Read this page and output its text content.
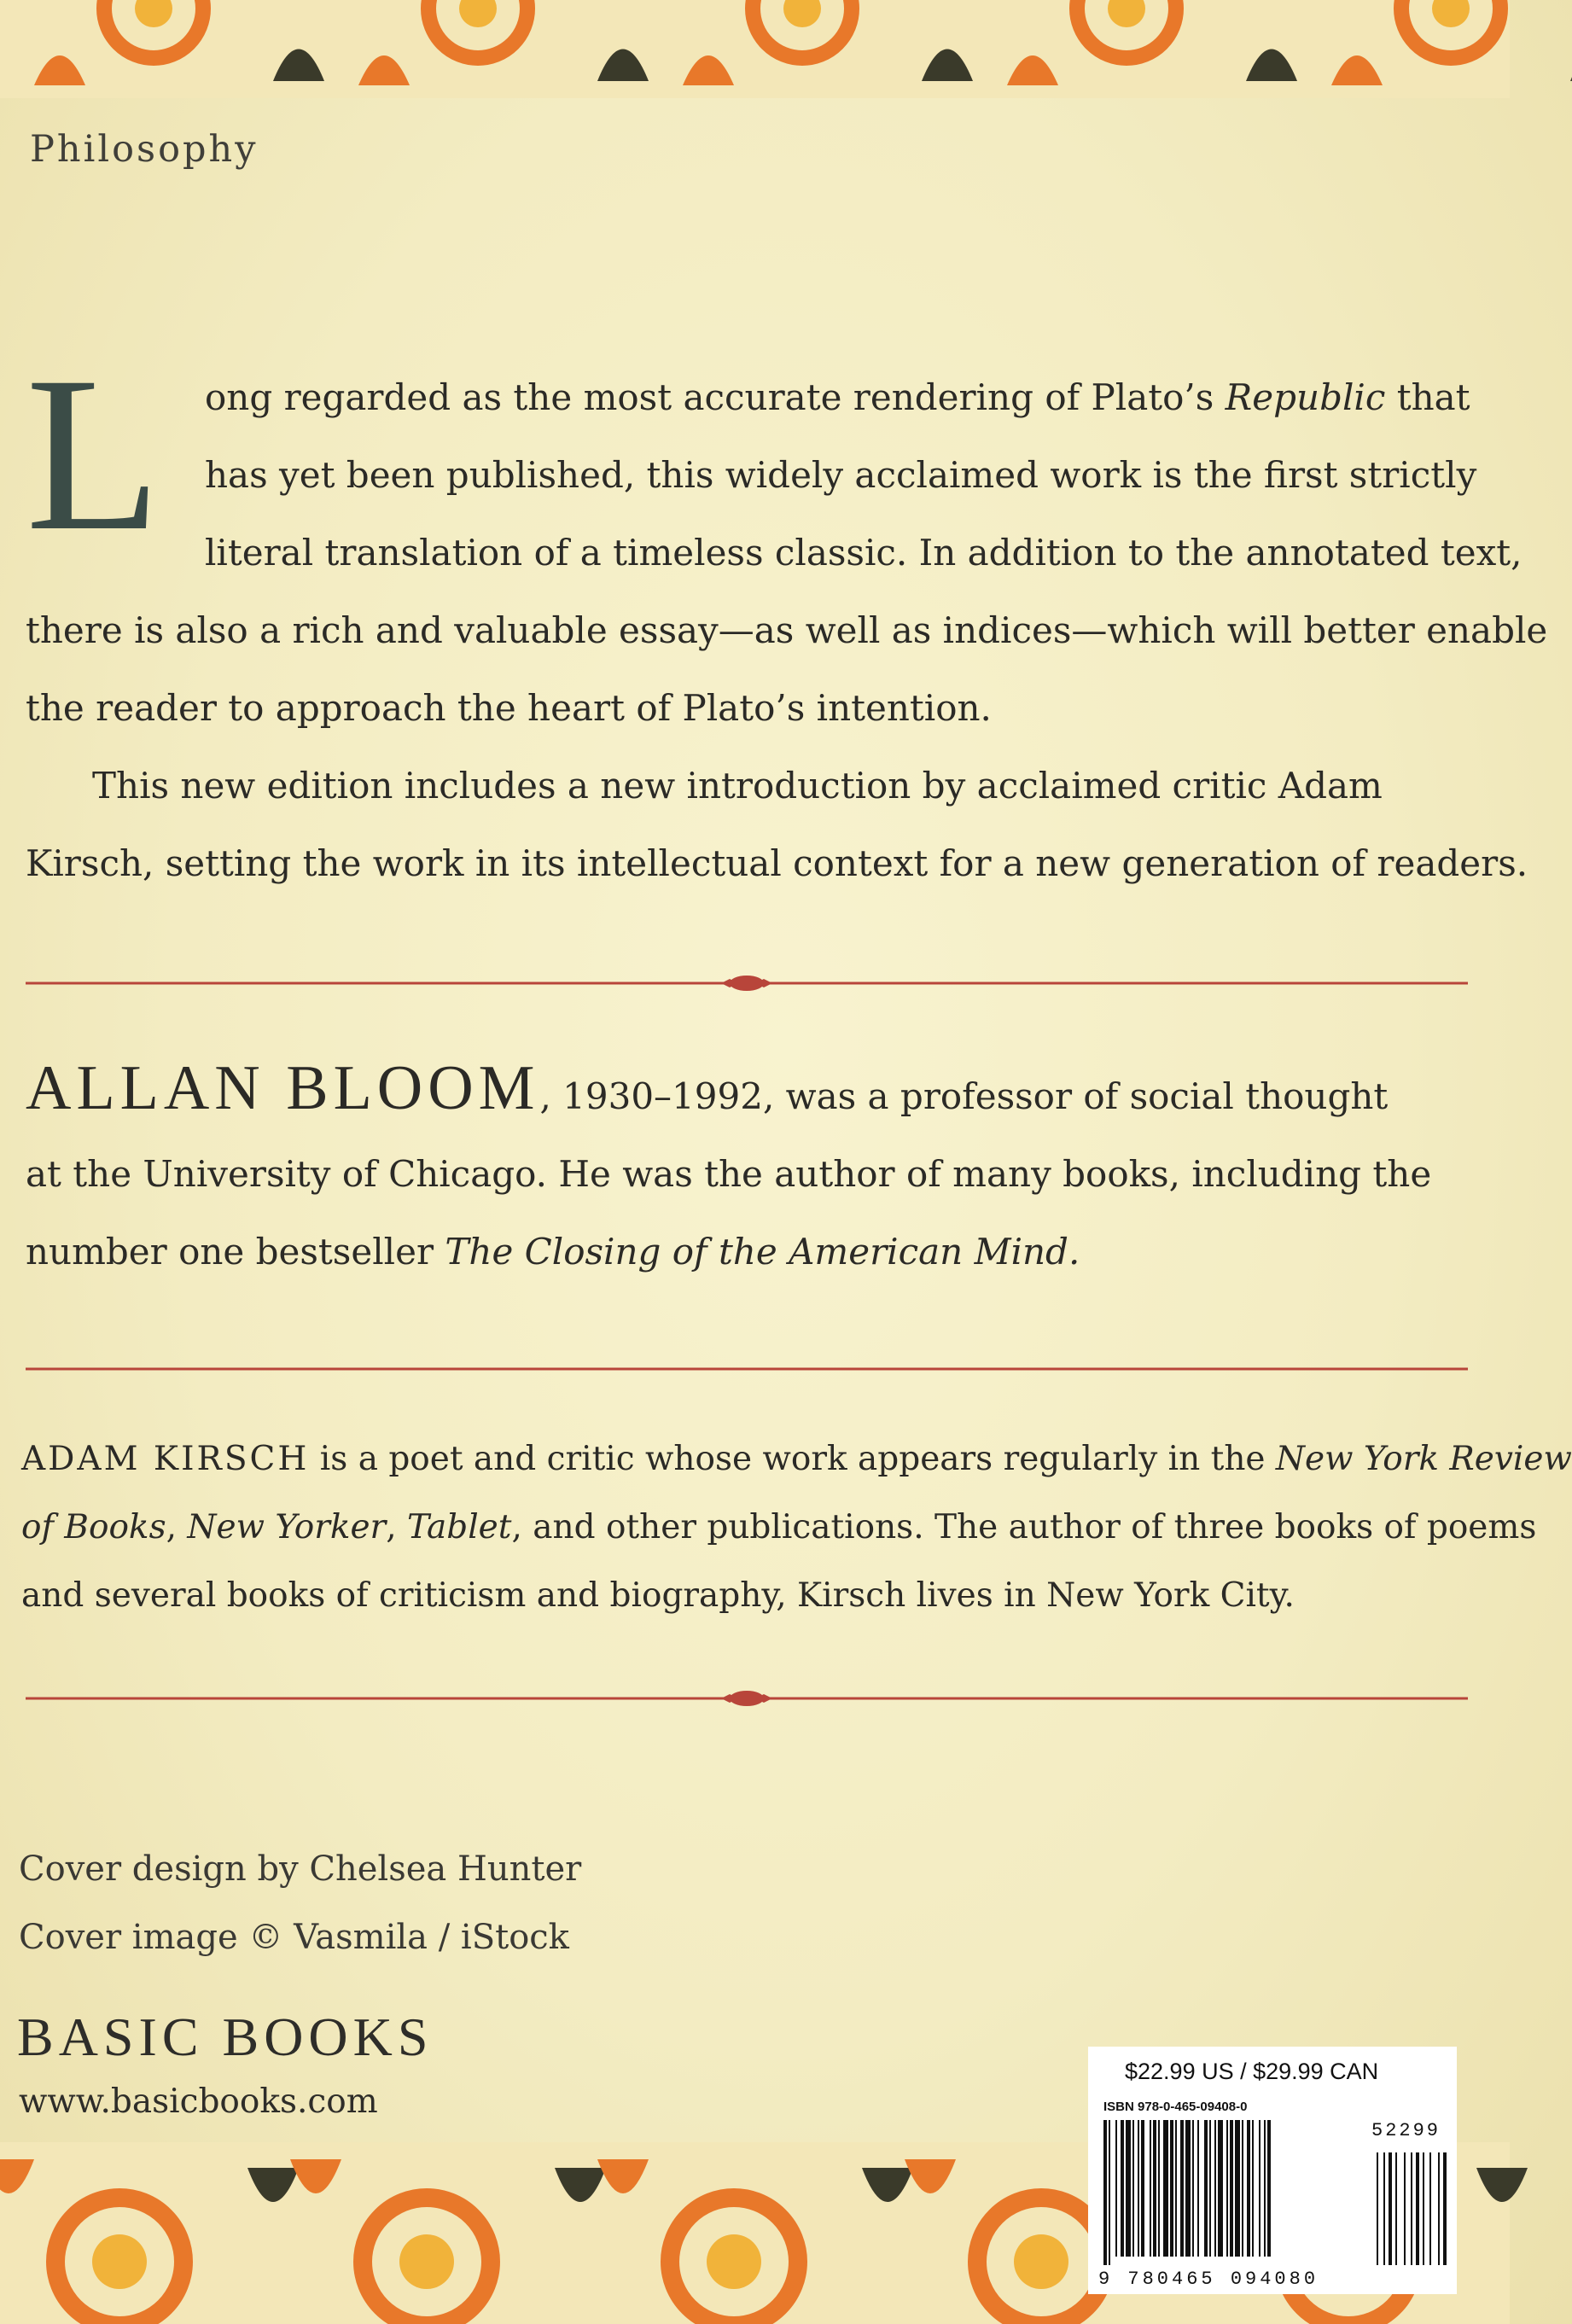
Philosophy
L	ong regarded as the most accurate rendering of Plato’s Republic that
has yet been published, this widely acclaimed work is the first strictly
literal translation of a timeless classic. In addition to the annotated text,
there is also a rich and valuable essay—as well as indices—which will better enable
the reader to approach the heart of Plato’s intention.

This new edition includes a new introduction by acclaimed critic Adam
Kirsch, setting the work in its intellectual context for a new generation of readers.

ALLAN BLOOM, 1930–1992, was a professor of social thought
at the University of Chicago. He was the author of many books, including the
number one bestseller The Closing of the American Mind.
ADAM KIRSCH is a poet and critic whose work appears regularly in the New York Review
of Books, New Yorker, Tablet, and other publications. The author of three books of poems
and several books of criticism and biography, Kirsch lives in New York City.
Cover design by Chelsea Hunter
Cover image © Vasmila / iStock
BASIC BOOKS
www.basicbooks.com
$22.99 US / $29.99 CAN
ISBN 978-0-465-09408-0
52299
9 780465 094080
